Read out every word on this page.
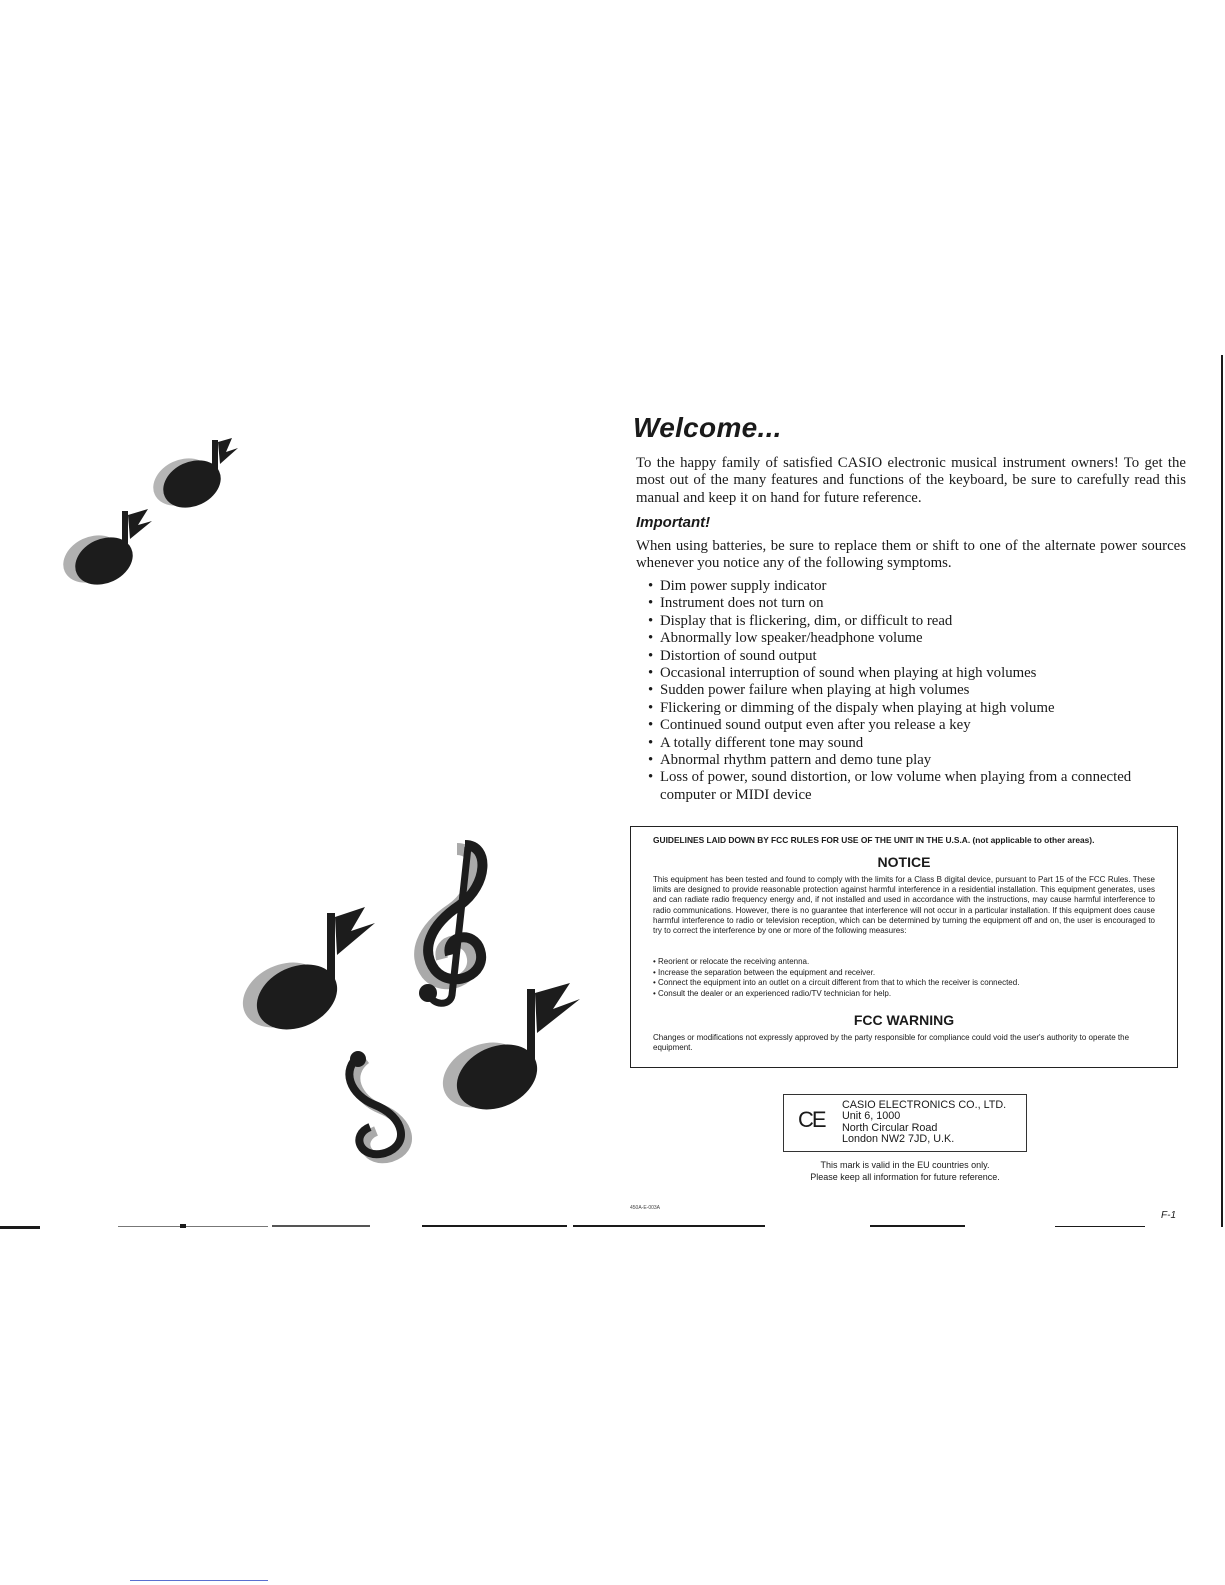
Welcome...

To the happy family of satisfied CASIO electronic musical instrument owners! To get the most out of the many features and functions of the keyboard, be sure to carefully read this manual and keep it on hand for future reference.

Important!

When using batteries, be sure to replace them or shift to one of the alternate power sources whenever you notice any of the following symptoms.

• Dim power supply indicator
• Instrument does not turn on
• Display that is flickering, dim, or difficult to read
• Abnormally low speaker/headphone volume
• Distortion of sound output
• Occasional interruption of sound when playing at high volumes
• Sudden power failure when playing at high volumes
• Flickering or dimming of the dispaly when playing at high volume
• Continued sound output even after you release a key
• A totally different tone may sound
• Abnormal rhythm pattern and demo tune play
• Loss of power, sound distortion, or low volume when playing from a connected computer or MIDI device
GUIDELINES LAID DOWN BY FCC RULES FOR USE OF THE UNIT IN THE U.S.A. (not applicable to other areas).
NOTICE

This equipment has been tested and found to comply with the limits for a Class B digital device, pursuant to Part 15 of the FCC Rules. These limits are designed to provide reasonable protection against harmful interference in a residential installation. This equipment generates, uses and can radiate radio frequency energy and, if not installed and used in accordance with the instructions, may cause harmful interference to radio communications. However, there is no guarantee that interference will not occur in a particular installation. If this equipment does cause harmful interference to radio or television reception, which can be determined by turning the equipment off and on, the user is encouraged to try to correct the interference by one or more of the following measures:

• Reorient or relocate the receiving antenna.
• Increase the separation between the equipment and receiver.
• Connect the equipment into an outlet on a circuit different from that to which the receiver is connected.
• Consult the dealer or an experienced radio/TV technician for help.
FCC WARNING

Changes or modifications not expressly approved by the party responsible for compliance could void the user's authority to operate the equipment.

CE

CASIO ELECTRONICS CO., LTD.
Unit 6, 1000
North Circular Road
London NW2 7JD, U.K.

This mark is valid in the EU countries only.
Please keep all information for future reference.

450A-E-003A
F-1
